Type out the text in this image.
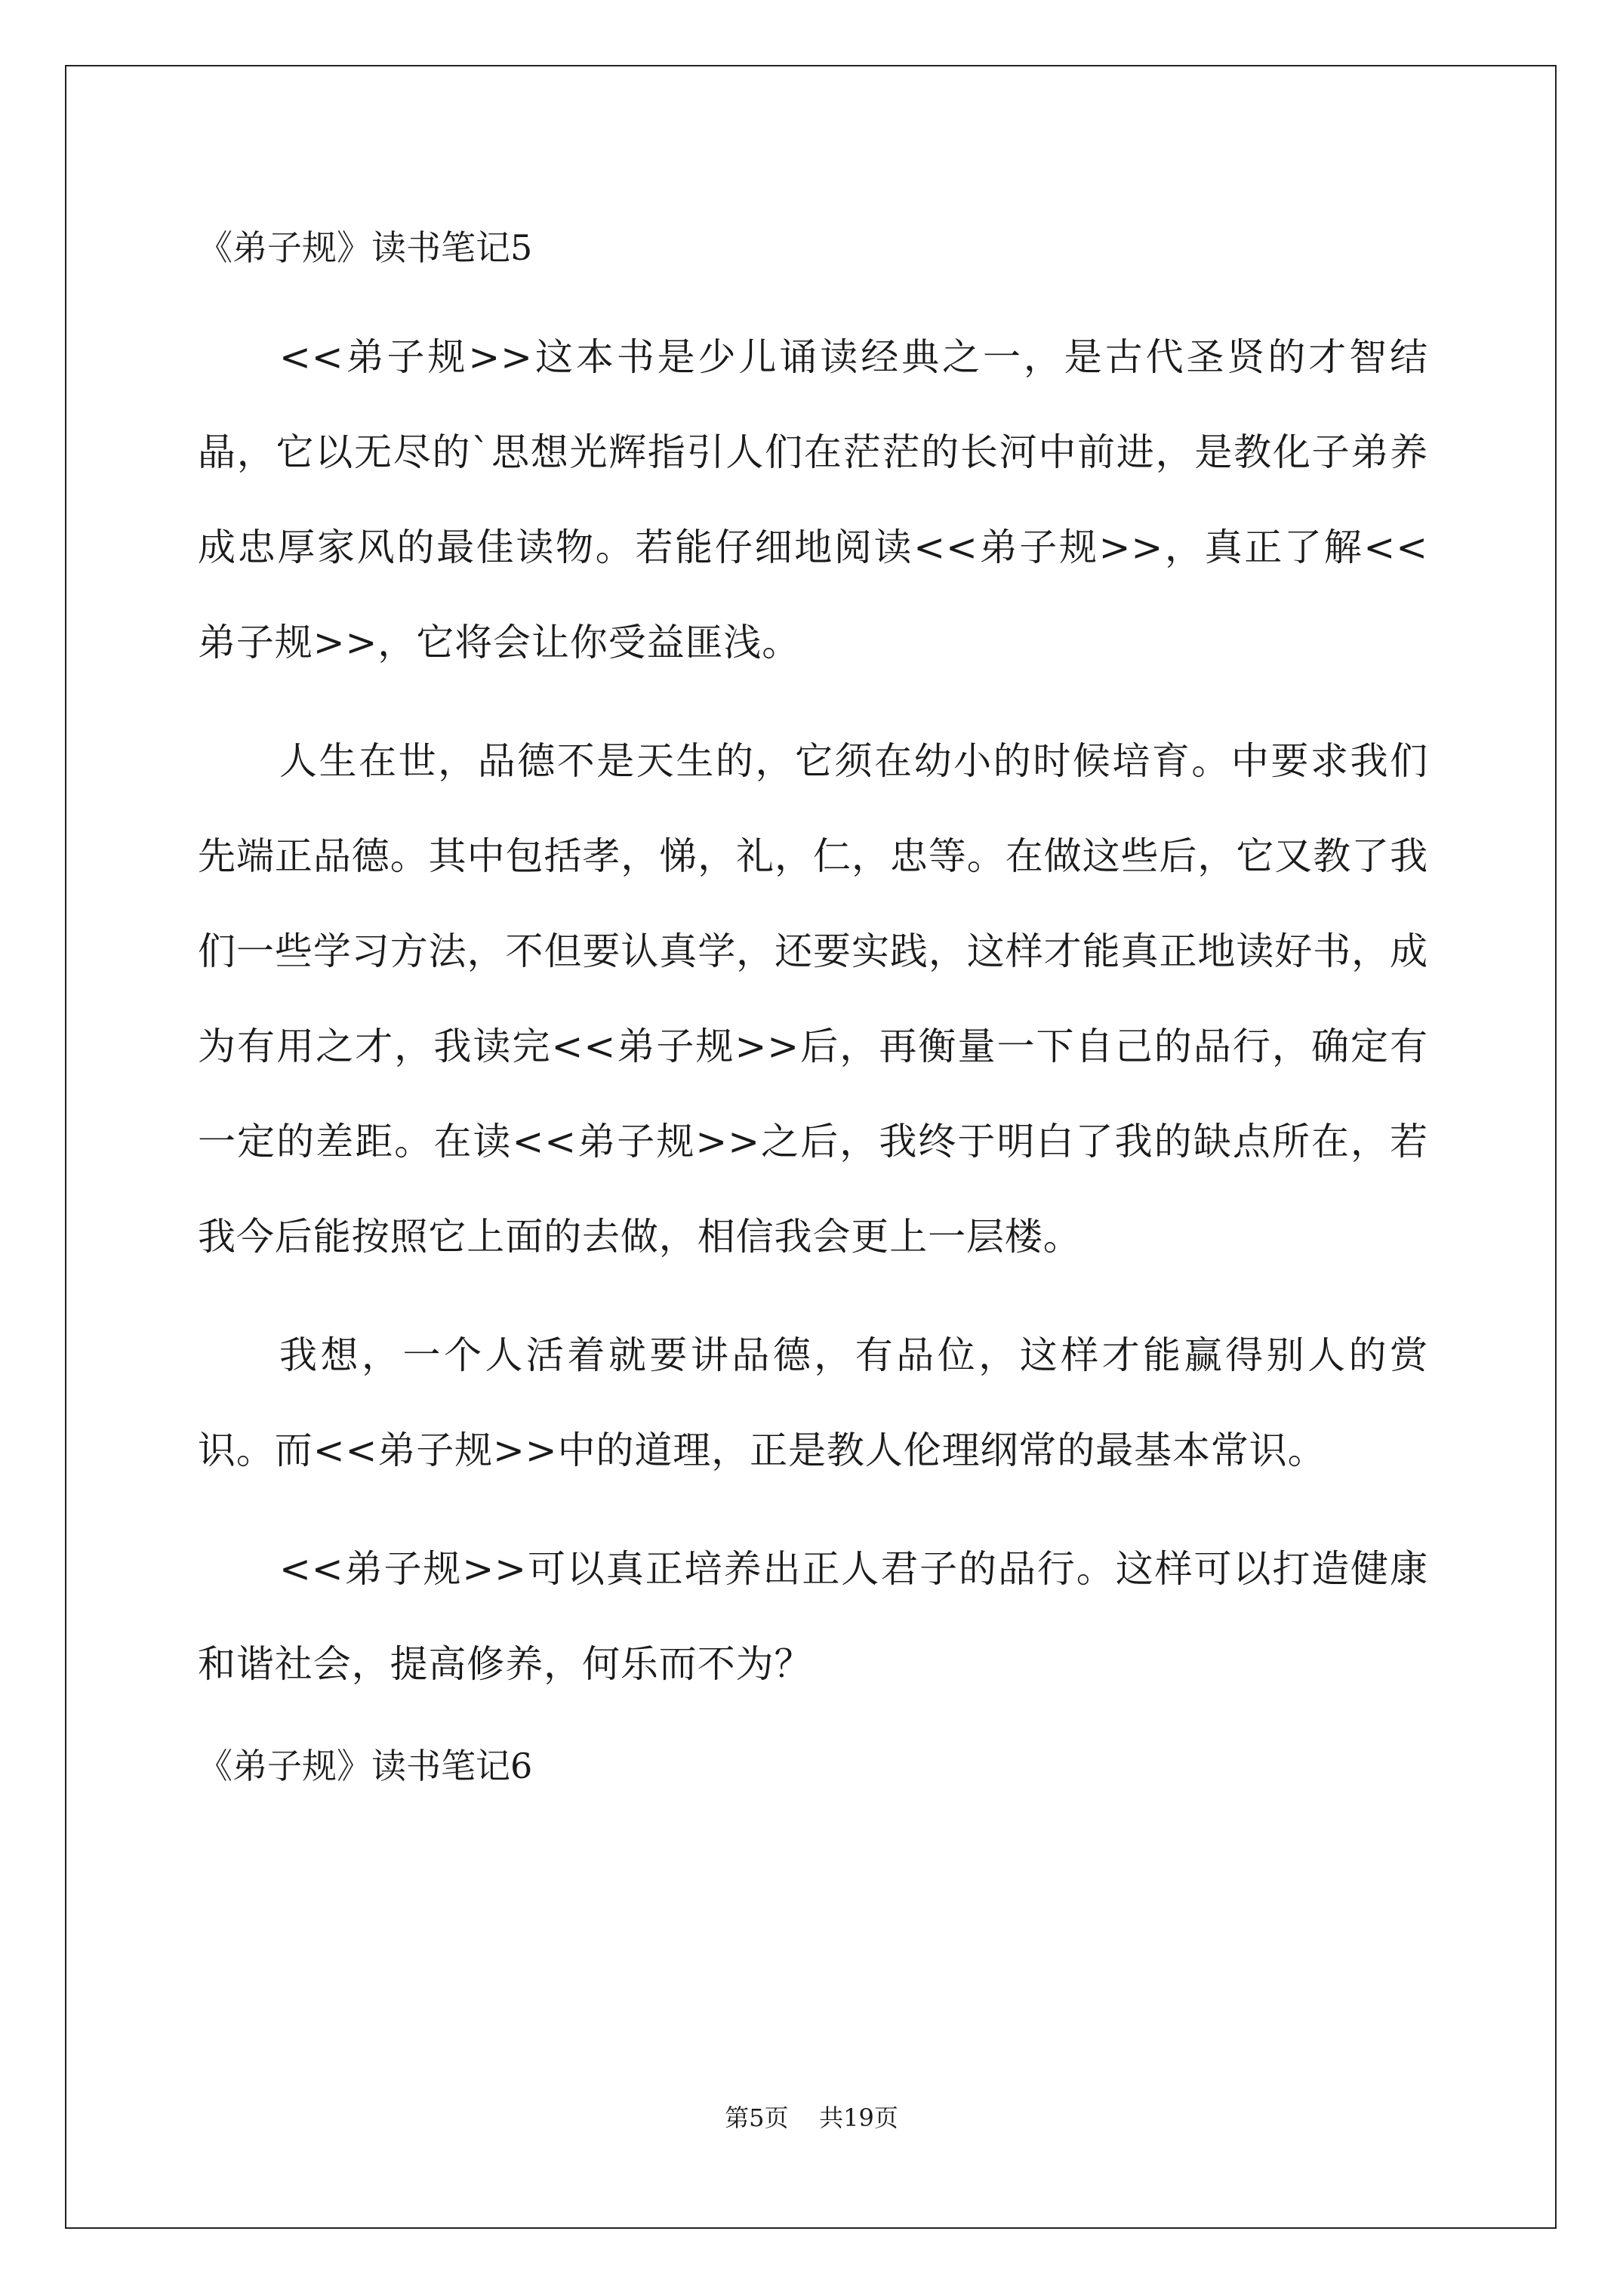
《弟子规》读书笔记5

<<弟子规>>这本书是少儿诵读经典之一，是古代圣贤的才智结晶，它以无尽的`思想光辉指引人们在茫茫的长河中前进，是教化子弟养成忠厚家风的最佳读物。若能仔细地阅读<<弟子规>>，真正了解<<弟子规>>，它将会让你受益匪浅。

人生在世，品德不是天生的，它须在幼小的时候培育。中要求我们先端正品德。其中包括孝，悌，礼，仁，忠等。在做这些后，它又教了我们一些学习方法，不但要认真学，还要实践，这样才能真正地读好书，成为有用之才，我读完<<弟子规>>后，再衡量一下自己的品行，确定有一定的差距。在读<<弟子规>>之后，我终于明白了我的缺点所在，若我今后能按照它上面的去做，相信我会更上一层楼。

我想，一个人活着就要讲品德，有品位，这样才能赢得别人的赏识。而<<弟子规>>中的道理，正是教人伦理纲常的最基本常识。

<<弟子规>>可以真正培养出正人君子的品行。这样可以打造健康和谐社会，提高修养，何乐而不为？

《弟子规》读书笔记6
第5页    共19页
